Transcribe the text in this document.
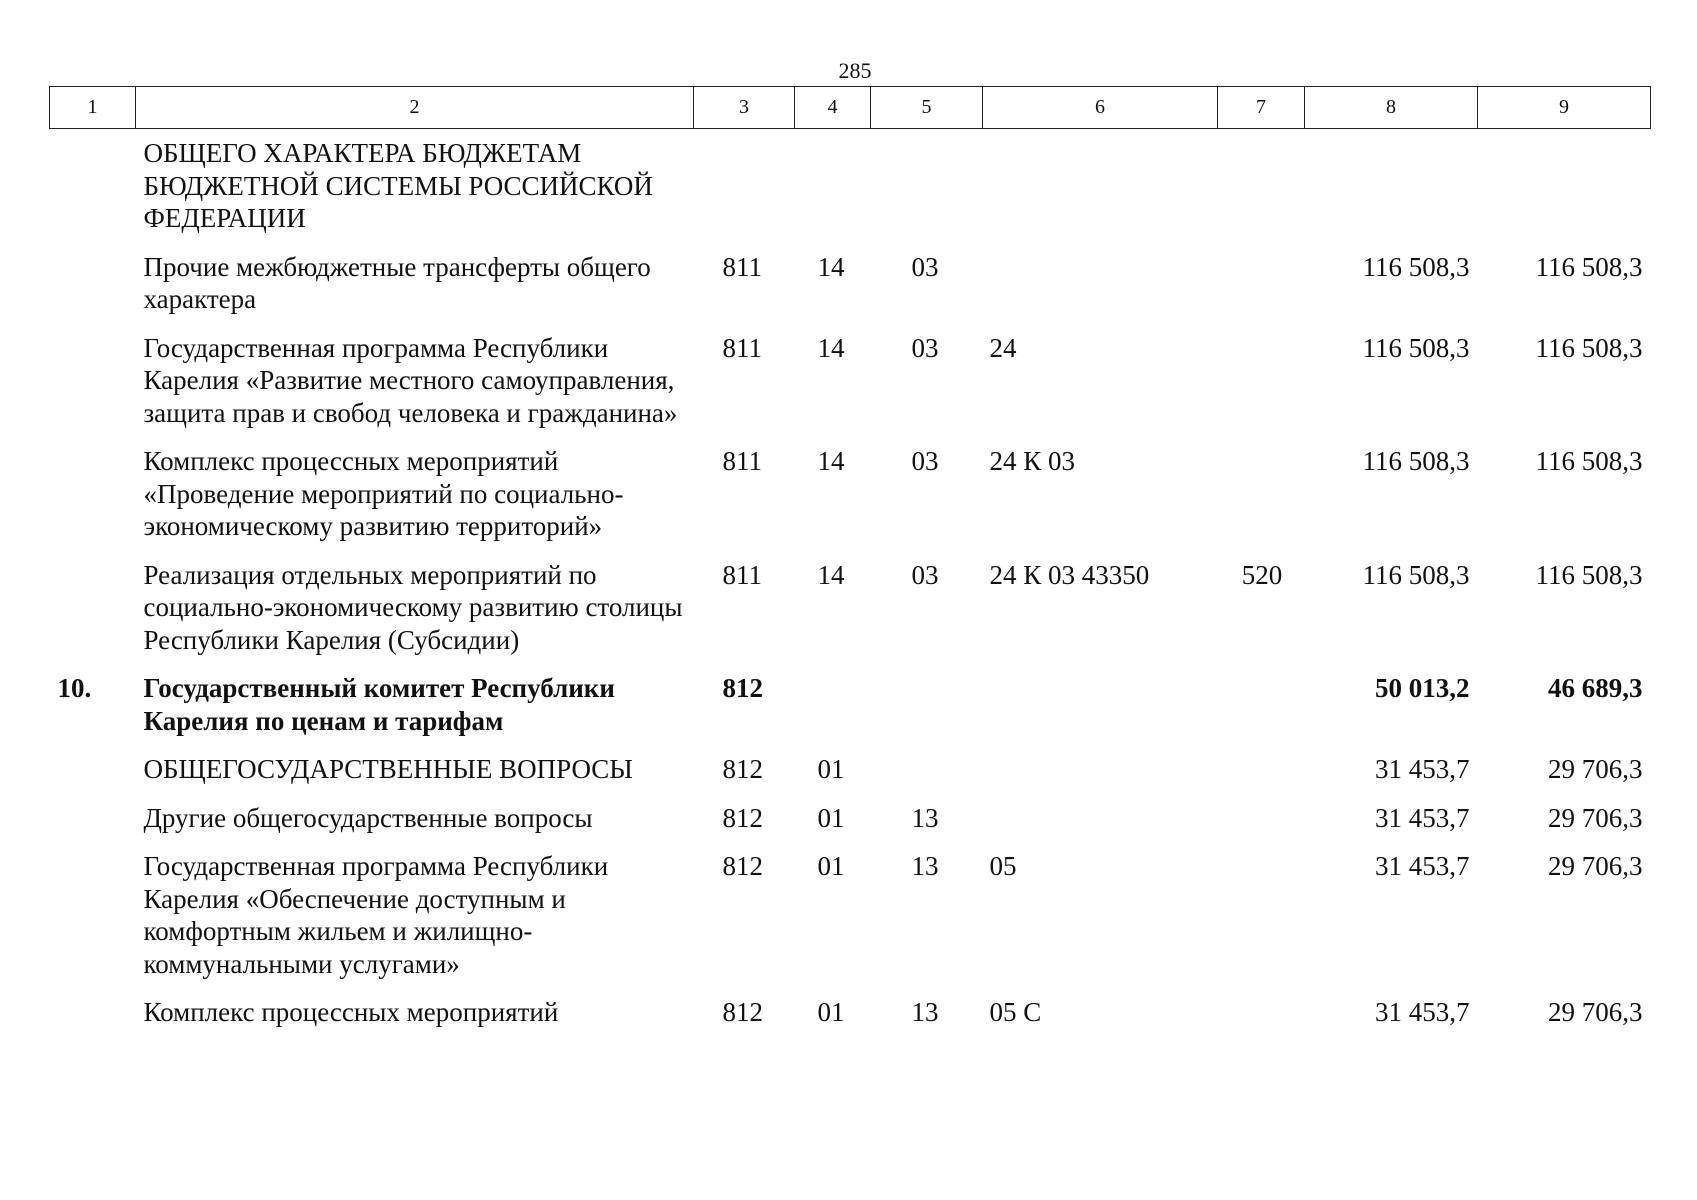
285
1	2	3	4	5	6	7	8	9
	ОБЩЕГО ХАРАКТЕРА БЮДЖЕТАМ БЮДЖЕТНОЙ СИСТЕМЫ РОССИЙСКОЙ ФЕДЕРАЦИИ							
	Прочие межбюджетные трансферты общего характера	811	14	03			116 508,3	116 508,3
	Государственная программа Республики Карелия «Развитие местного самоуправления, защита прав и свобод человека и гражданина»	811	14	03	24		116 508,3	116 508,3
	Комплекс процессных мероприятий «Проведение мероприятий по социально-экономическому развитию территорий»	811	14	03	24 К 03		116 508,3	116 508,3
	Реализация отдельных мероприятий по социально-экономическому развитию столицы Республики Карелия (Субсидии)	811	14	03	24 К 03 43350	520	116 508,3	116 508,3
10.	Государственный комитет Республики Карелия по ценам и тарифам	812					50 013,2	46 689,3
	ОБЩЕГОСУДАРСТВЕННЫЕ ВОПРОСЫ	812	01				31 453,7	29 706,3
	Другие общегосударственные вопросы	812	01	13			31 453,7	29 706,3
	Государственная программа Республики Карелия «Обеспечение доступным и комфортным жильем и жилищно-коммунальными услугами»	812	01	13	05		31 453,7	29 706,3
	Комплекс процессных мероприятий	812	01	13	05 С		31 453,7	29 706,3
